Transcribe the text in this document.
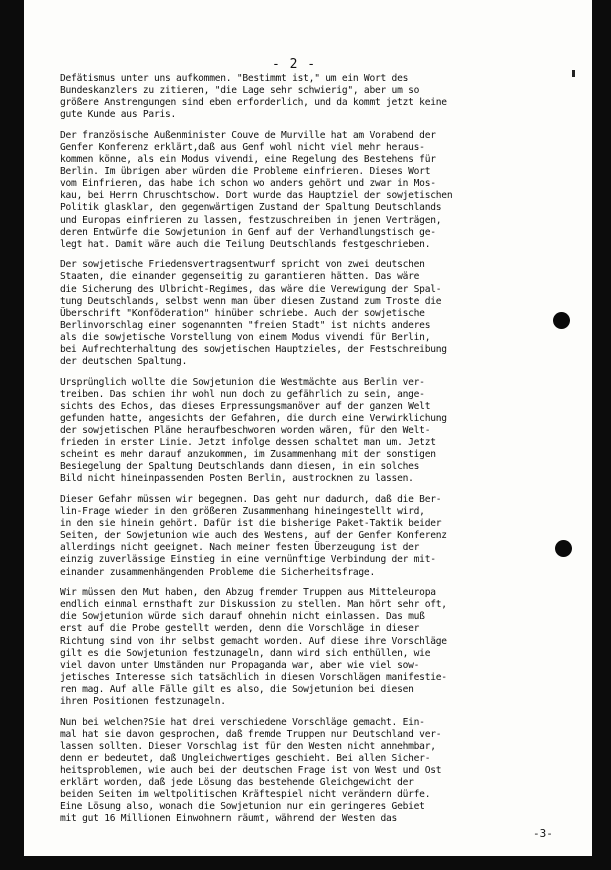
- 2 -
Defätismus unter uns aufkommen. "Bestimmt ist," um ein Wort des
Bundeskanzlers zu zitieren, "die Lage sehr schwierig", aber um so
größere Anstrengungen sind eben erforderlich, und da kommt jetzt keine
gute Kunde aus Paris.
Der französische Außenminister Couve de Murville hat am Vorabend der
Genfer Konferenz erklärt,daß aus Genf wohl nicht viel mehr heraus-
kommen könne, als ein Modus vivendi, eine Regelung des Bestehens für
Berlin. Im übrigen aber würden die Probleme einfrieren. Dieses Wort
vom Einfrieren, das habe ich schon wo anders gehört und zwar in Mos-
kau, bei Herrn Chruschtschow. Dort wurde das Hauptziel der sowjetischen
Politik glasklar, den gegenwärtigen Zustand der Spaltung Deutschlands
und Europas einfrieren zu lassen, festzuschreiben in jenen Verträgen,
deren Entwürfe die Sowjetunion in Genf auf der Verhandlungstisch ge-
legt hat. Damit wäre auch die Teilung Deutschlands festgeschrieben.
Der sowjetische Friedensvertragsentwurf spricht von zwei deutschen
Staaten, die einander gegenseitig zu garantieren hätten. Das wäre
die Sicherung des Ulbricht-Regimes, das wäre die Verewigung der Spal-
tung Deutschlands, selbst wenn man über diesen Zustand zum Troste die
Überschrift "Konföderation" hinüber schriebe. Auch der sowjetische
Berlinvorschlag einer sogenannten "freien Stadt" ist nichts anderes
als die sowjetische Vorstellung von einem Modus vivendi für Berlin,
bei Aufrechterhaltung des sowjetischen Hauptzieles, der Festschreibung
der deutschen Spaltung.
Ursprünglich wollte die Sowjetunion die Westmächte aus Berlin ver-
treiben. Das schien ihr wohl nun doch zu gefährlich zu sein, ange-
sichts des Echos, das dieses Erpressungsmanöver auf der ganzen Welt
gefunden hatte, angesichts der Gefahren, die durch eine Verwirklichung
der sowjetischen Pläne heraufbeschworen worden wären, für den Welt-
frieden in erster Linie. Jetzt infolge dessen schaltet man um. Jetzt
scheint es mehr darauf anzukommen, im Zusammenhang mit der sonstigen
Besiegelung der Spaltung Deutschlands dann diesen, in ein solches
Bild nicht hineinpassenden Posten Berlin, austrocknen zu lassen.
Dieser Gefahr müssen wir begegnen. Das geht nur dadurch, daß die Ber-
lin-Frage wieder in den größeren Zusammenhang hineingestellt wird,
in den sie hinein gehört. Dafür ist die bisherige Paket-Taktik beider
Seiten, der Sowjetunion wie auch des Westens, auf der Genfer Konferenz
allerdings nicht geeignet. Nach meiner festen Überzeugung ist der
einzig zuverlässige Einstieg in eine vernünftige Verbindung der mit-
einander zusammenhängenden Probleme die Sicherheitsfrage.
Wir müssen den Mut haben, den Abzug fremder Truppen aus Mitteleuropa
endlich einmal ernsthaft zur Diskussion zu stellen. Man hört sehr oft,
die Sowjetunion würde sich darauf ohnehin nicht einlassen. Das muß
erst auf die Probe gestellt werden, denn die Vorschläge in dieser
Richtung sind von ihr selbst gemacht worden. Auf diese ihre Vorschläge
gilt es die Sowjetunion festzunageln, dann wird sich enthüllen, wie
viel davon unter Umständen nur Propaganda war, aber wie viel sow-
jetisches Interesse sich tatsächlich in diesen Vorschlägen manifestie-
ren mag. Auf alle Fälle gilt es also, die Sowjetunion bei diesen
ihren Positionen festzunageln.
Nun bei welchen?Sie hat drei verschiedene Vorschläge gemacht. Ein-
mal hat sie davon gesprochen, daß fremde Truppen nur Deutschland ver-
lassen sollten. Dieser Vorschlag ist für den Westen nicht annehmbar,
denn er bedeutet, daß Ungleichwertiges geschieht. Bei allen Sicher-
heitsproblemen, wie auch bei der deutschen Frage ist von West und Ost
erklärt worden, daß jede Lösung das bestehende Gleichgewicht der
beiden Seiten im weltpolitischen Kräftespiel nicht verändern dürfe.
Eine Lösung also, wonach die Sowjetunion nur ein geringeres Gebiet
mit gut 16 Millionen Einwohnern räumt, während der Westen das
-3-
